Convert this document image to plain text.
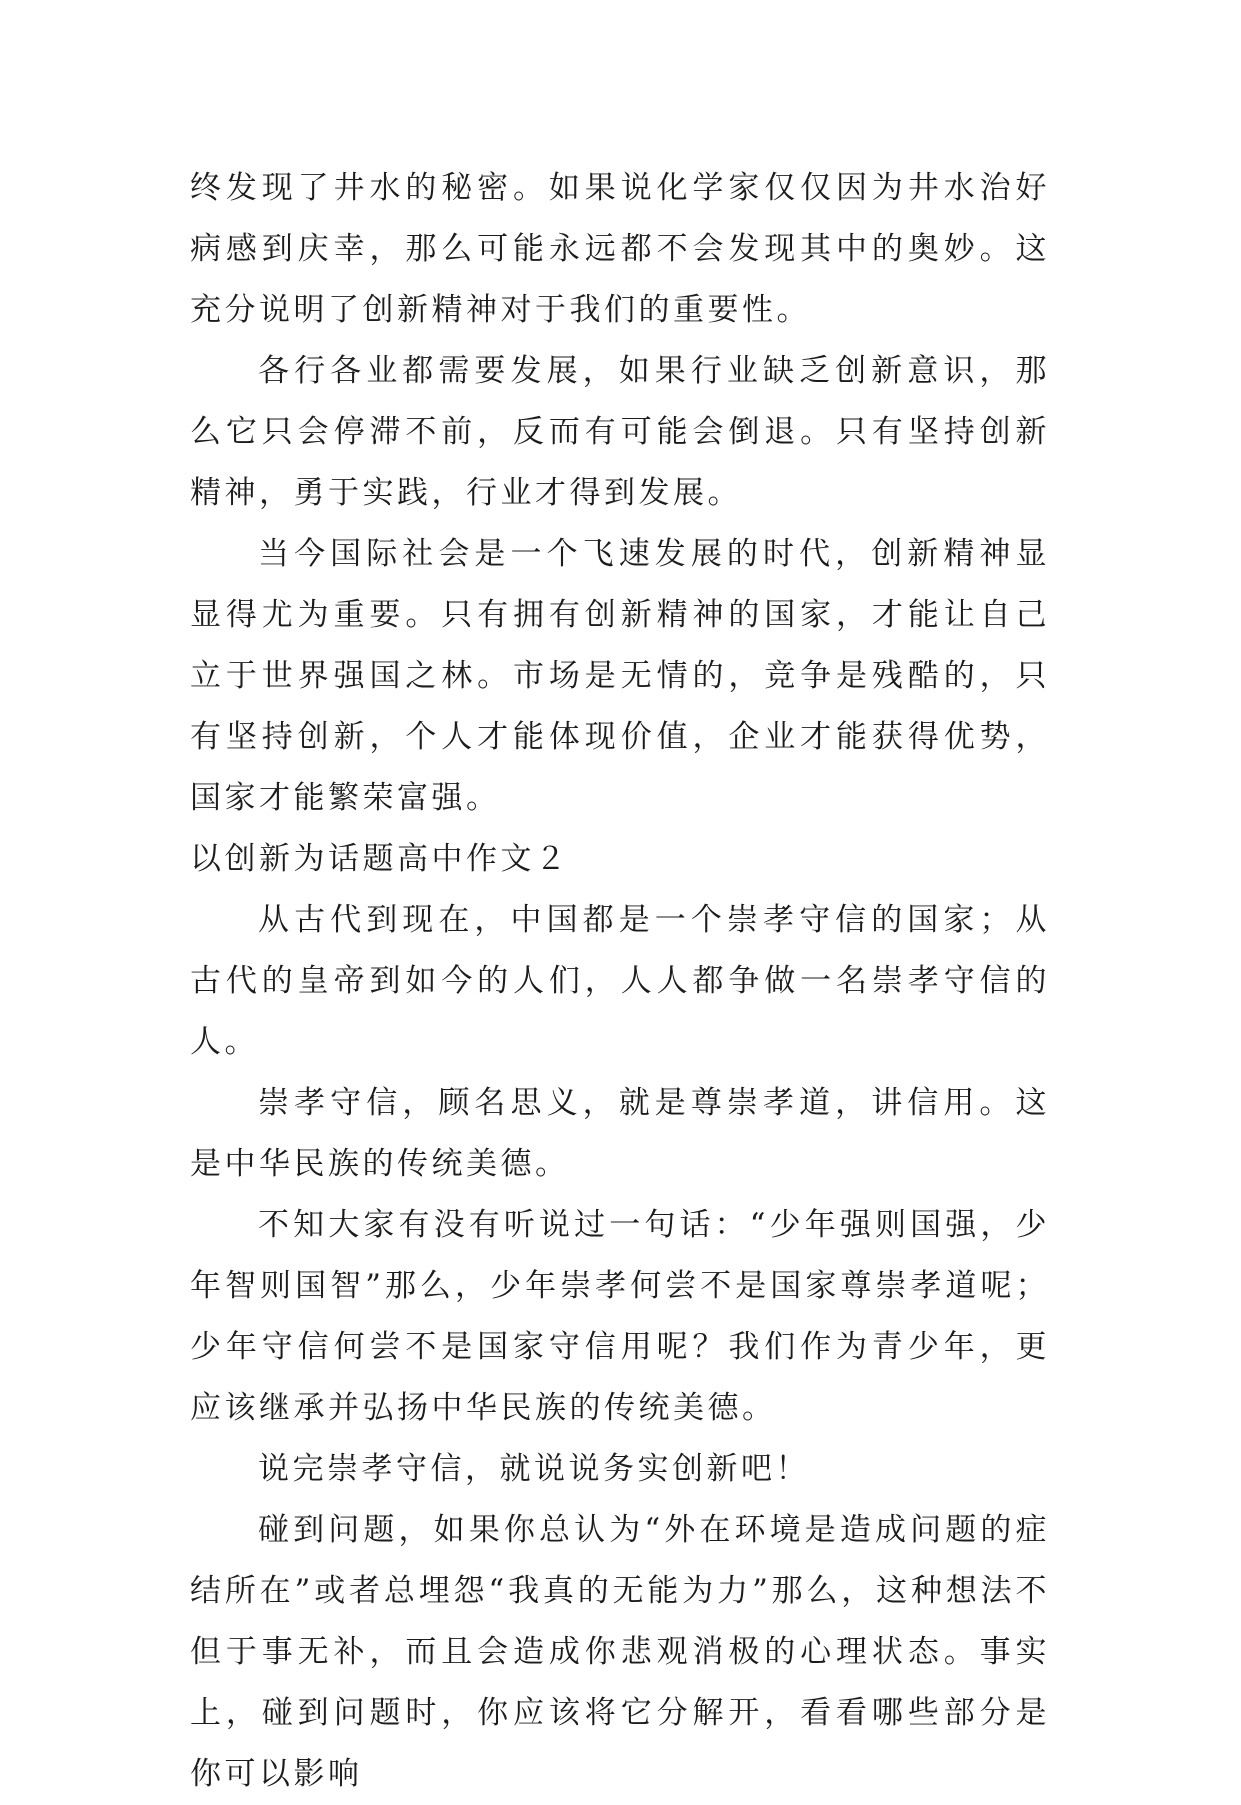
终发现了井水的秘密。如果说化学家仅仅因为井水治好病感到庆幸，那么可能永远都不会发现其中的奥妙。这充分说明了创新精神对于我们的重要性。

各行各业都需要发展，如果行业缺乏创新意识，那么它只会停滞不前，反而有可能会倒退。只有坚持创新精神，勇于实践，行业才得到发展。

当今国际社会是一个飞速发展的时代，创新精神显显得尤为重要。只有拥有创新精神的国家，才能让自己立于世界强国之林。市场是无情的，竞争是残酷的，只有坚持创新，个人才能体现价值，企业才能获得优势，国家才能繁荣富强。

以创新为话题高中作文２

从古代到现在，中国都是一个崇孝守信的国家；从古代的皇帝到如今的人们，人人都争做一名崇孝守信的人。

崇孝守信，顾名思义，就是尊崇孝道，讲信用。这是中华民族的传统美德。

不知大家有没有听说过一句话：“少年强则国强，少年智则国智”那么，少年崇孝何尝不是国家尊崇孝道呢；少年守信何尝不是国家守信用呢？我们作为青少年，更应该继承并弘扬中华民族的传统美德。

说完崇孝守信，就说说务实创新吧！

碰到问题，如果你总认为“外在环境是造成问题的症结所在”或者总埋怨“我真的无能为力”那么，这种想法不但于事无补，而且会造成你悲观消极的心理状态。事实上，碰到问题时，你应该将它分解开，看看哪些部分是你可以影响
